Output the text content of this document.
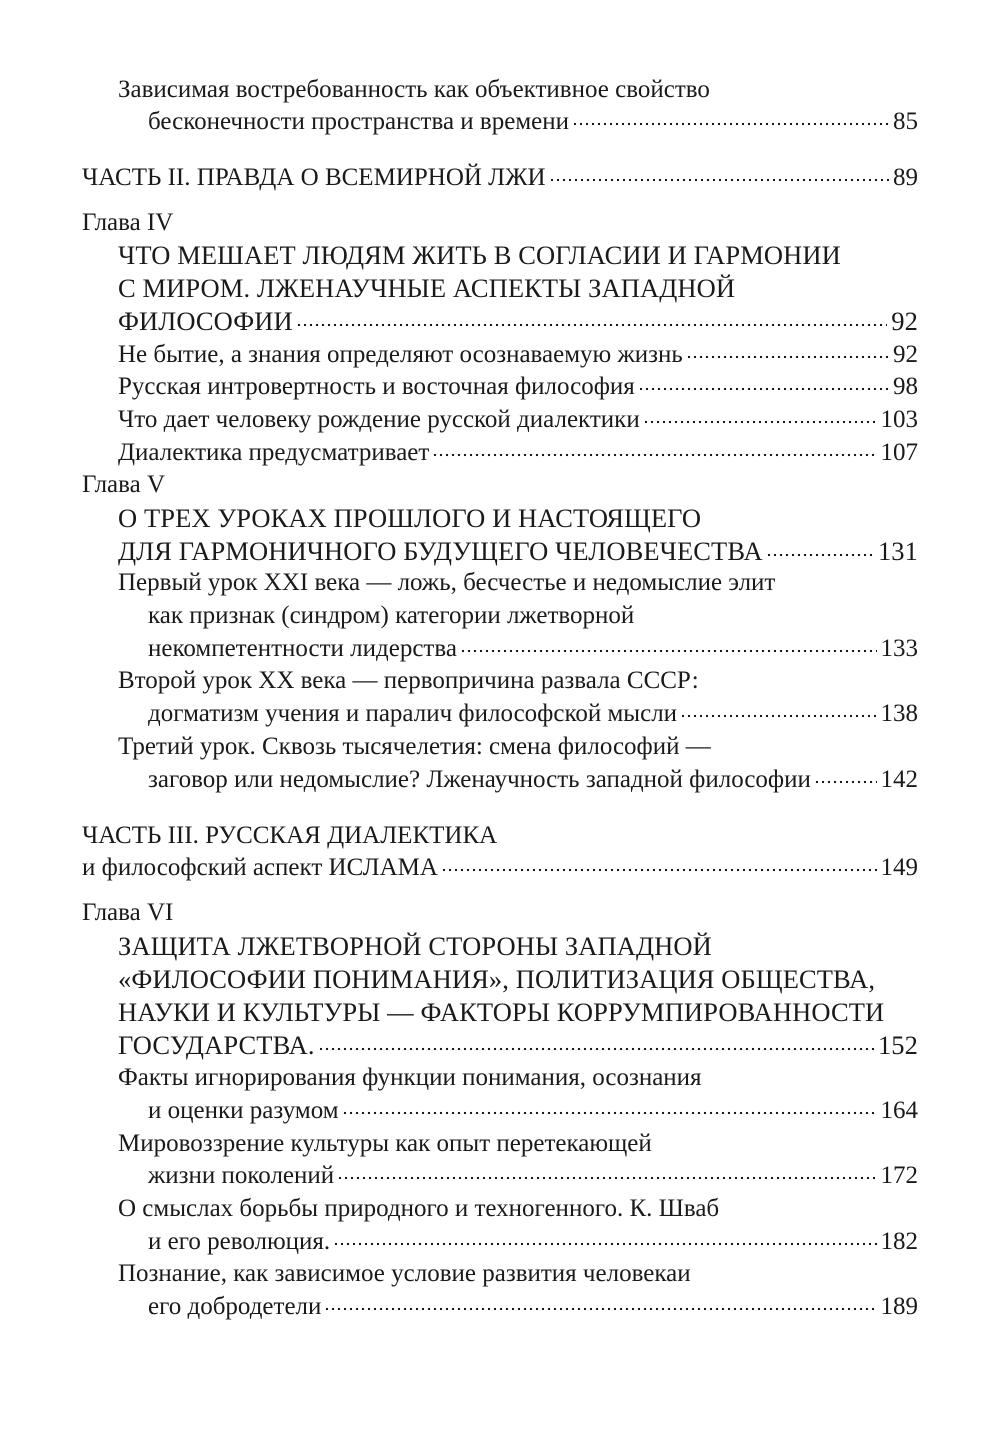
Зависимая востребованность как объективное свойство
бесконечности пространства и времени	85
ЧАСТЬ II. ПРАВДА О ВСЕМИРНОЙ ЛЖИ	89
Глава IV
ЧТО МЕШАЕТ ЛЮДЯМ ЖИТЬ В СОГЛАСИИ И ГАРМОНИИ
С МИРОМ. ЛЖЕНАУЧНЫЕ АСПЕКТЫ ЗАПАДНОЙ
ФИЛОСОФИИ	92
Не бытие, а знания определяют осознаваемую жизнь	92
Русская интровертность и восточная философия	98
Что дает человеку рождение русской диалектики	103
Диалектика предусматривает	107
Глава V
О ТРЕХ УРОКАХ ПРОШЛОГО И НАСТОЯЩЕГО
ДЛЯ ГАРМОНИЧНОГО БУДУЩЕГО ЧЕЛОВЕЧЕСТВА	131
Первый урок XXI века — ложь, бесчестье и недомыслие элит
как признак (синдром) категории лжетворной
некомпетентности лидерства	133
Второй урок XX века — первопричина развала СССР:
догматизм учения и паралич философской мысли	138
Третий урок. Сквозь тысячелетия: смена философий —
заговор или недомыслие? Лженаучность западной философии	142
ЧАСТЬ III. РУССКАЯ ДИАЛЕКТИКА
и философский аспект ИСЛАМА	149
Глава VI
ЗАЩИТА ЛЖЕТВОРНОЙ СТОРОНЫ ЗАПАДНОЙ
«ФИЛОСОФИИ ПОНИМАНИЯ», ПОЛИТИЗАЦИЯ ОБЩЕСТВА,
НАУКИ И КУЛЬТУРЫ — ФАКТОРЫ КОРРУМПИРОВАННОСТИ
ГОСУДАРСТВА.	152
Факты игнорирования функции понимания, осознания
и оценки разумом	164
Мировоззрение культуры как опыт перетекающей
жизни поколений	172
О смыслах борьбы природного и техногенного. К. Шваб
и его революция.	182
Познание, как зависимое условие развития человекаи
его добродетели	189
